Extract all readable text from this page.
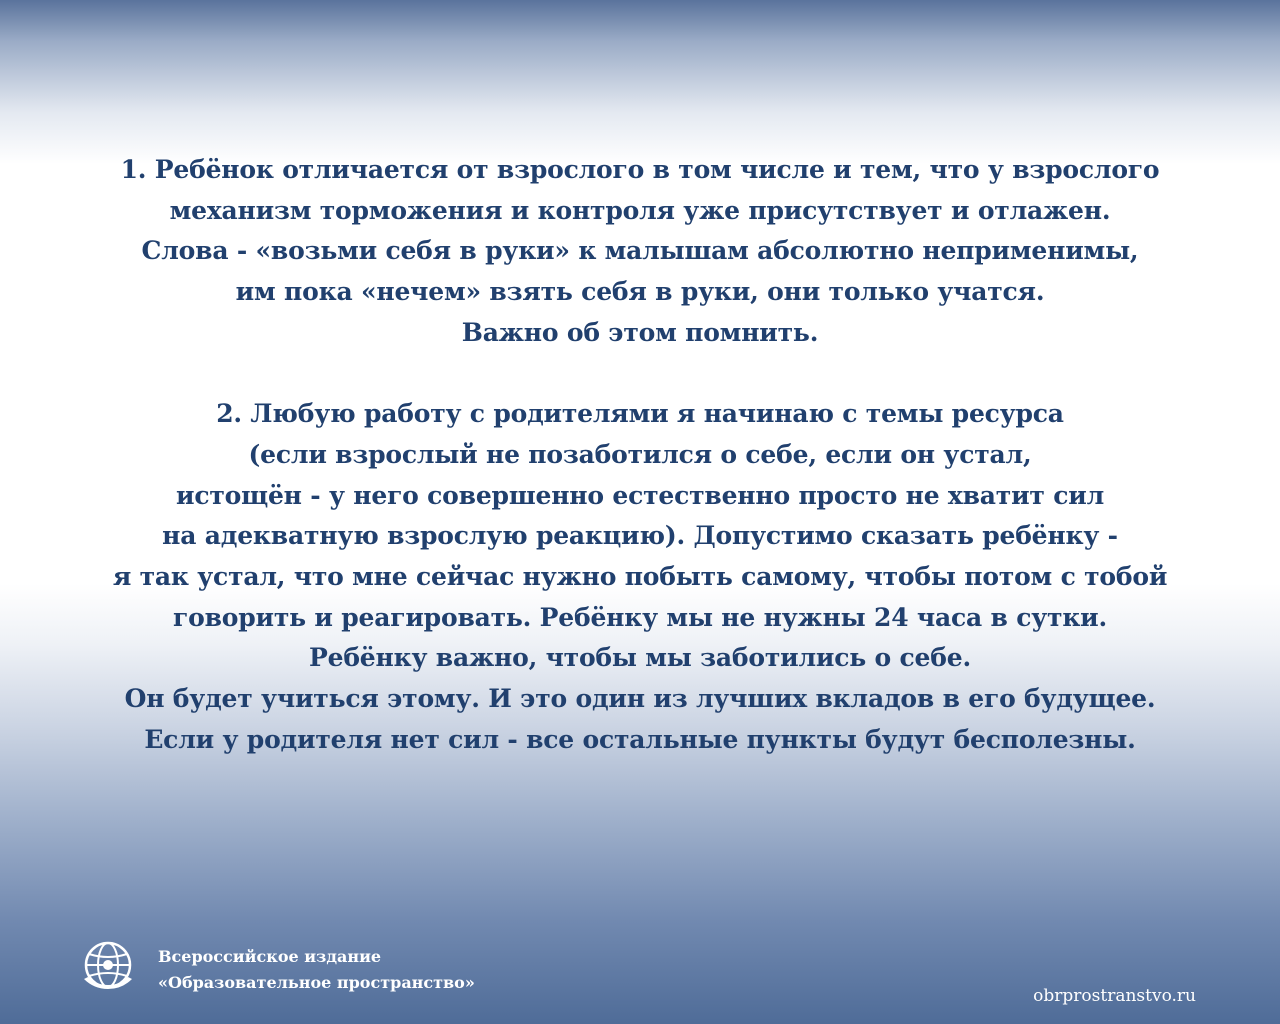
1. Ребёнок отличается от взрослого в том числе и тем, что у взрослого
механизм торможения и контроля уже присутствует и отлажен.
Слова - «возьми себя в руки» к малышам абсолютно неприменимы,
им пока «нечем» взять себя в руки, они только учатся.
Важно об этом помнить.
2. Любую работу с родителями я начинаю с темы ресурса
(если взрослый не позаботился о себе, если он устал,
истощён - у него совершенно естественно просто не хватит сил
на адекватную взрослую реакцию). Допустимо сказать ребёнку -
я так устал, что мне сейчас нужно побыть самому, чтобы потом с тобой
говорить и реагировать. Ребёнку мы не нужны 24 часа в сутки.
Ребёнку важно, чтобы мы заботились о себе.
Он будет учиться этому. И это один из лучших вкладов в его будущее.
Если у родителя нет сил - все остальные пункты будут бесполезны.
Всероссийское издание
«Образовательное пространство»
obrprostranstvo.ru
